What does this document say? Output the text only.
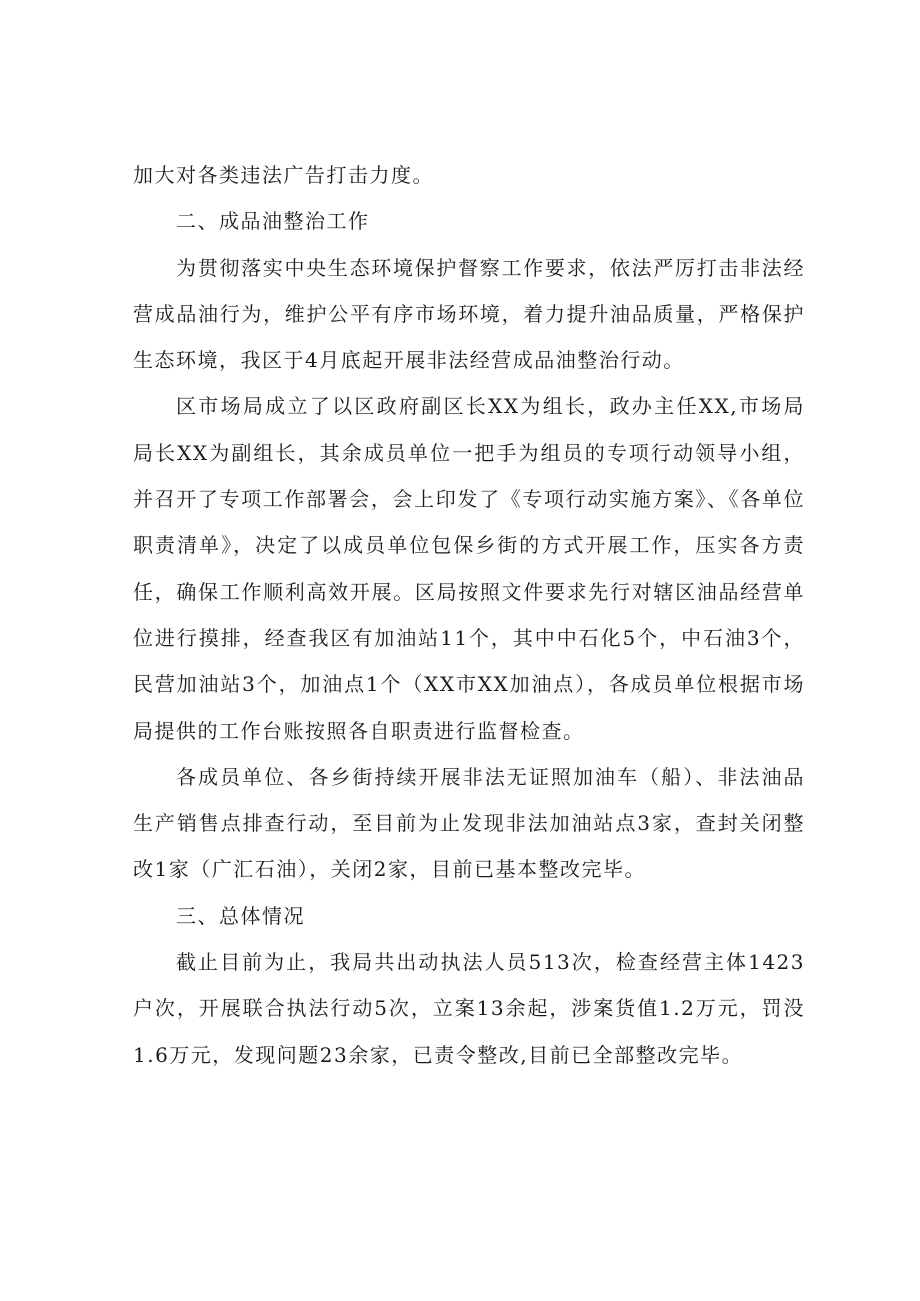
加大对各类违法广告打击力度。

二、成品油整治工作

为贯彻落实中央生态环境保护督察工作要求，依法严厉打击非法经营成品油行为，维护公平有序市场环境，着力提升油品质量，严格保护生态环境，我区于4月底起开展非法经营成品油整治行动。

区市场局成立了以区政府副区长XX为组长，政办主任XX,市场局局长XX为副组长，其余成员单位一把手为组员的专项行动领导小组，并召开了专项工作部署会，会上印发了《专项行动实施方案》、《各单位职责清单》，决定了以成员单位包保乡街的方式开展工作，压实各方责任，确保工作顺利高效开展。区局按照文件要求先行对辖区油品经营单位进行摸排，经查我区有加油站11个，其中中石化5个，中石油3个，民营加油站3个，加油点1个（XX市XX加油点），各成员单位根据市场局提供的工作台账按照各自职责进行监督检查。

各成员单位、各乡街持续开展非法无证照加油车（船）、非法油品生产销售点排查行动，至目前为止发现非法加油站点3家，查封关闭整改1家（广汇石油），关闭2家，目前已基本整改完毕。

三、总体情况

截止目前为止，我局共出动执法人员513次，检查经营主体1423户次，开展联合执法行动5次，立案13余起，涉案货值1.2万元，罚没1.6万元，发现问题23余家，已责令整改,目前已全部整改完毕。
